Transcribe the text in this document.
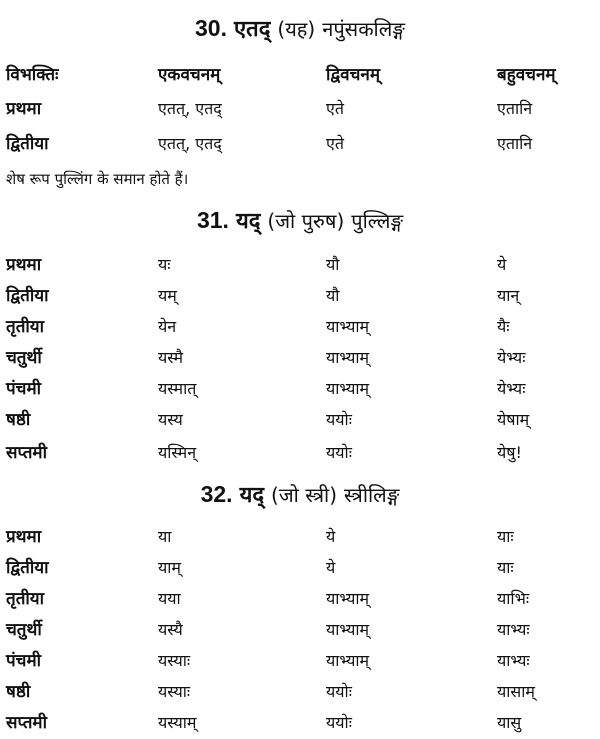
30. एतद् (यह) नपुंसकलिङ्ग
विभक्तिः	एकवचनम्	द्विवचनम्	बहुवचनम्
प्रथमा	एतत्, एतद्	एते	एतानि
द्वितीया	एतत्, एतद्	एते	एतानि
शेष रूप पुल्लिंग के समान होते हैं।
31. यद् (जो पुरुष) पुल्लिङ्ग
प्रथमा	यः	यौ	ये
द्वितीया	यम्	यौ	यान्
तृतीया	येन	याभ्याम्	यैः
चतुर्थी	यस्मै	याभ्याम्	येभ्यः
पंचमी	यस्मात्	याभ्याम्	येभ्यः
षष्ठी	यस्य	ययोः	येषाम्
सप्तमी	यस्मिन्	ययोः	येषु!
32. यद् (जो स्त्री) स्त्रीलिङ्ग
प्रथमा	या	ये	याः
द्वितीया	याम्	ये	याः
तृतीया	यया	याभ्याम्	याभिः
चतुर्थी	यस्यै	याभ्याम्	याभ्यः
पंचमी	यस्याः	याभ्याम्	याभ्यः
षष्ठी	यस्याः	ययोः	यासाम्
सप्तमी	यस्याम्	ययोः	यासु
